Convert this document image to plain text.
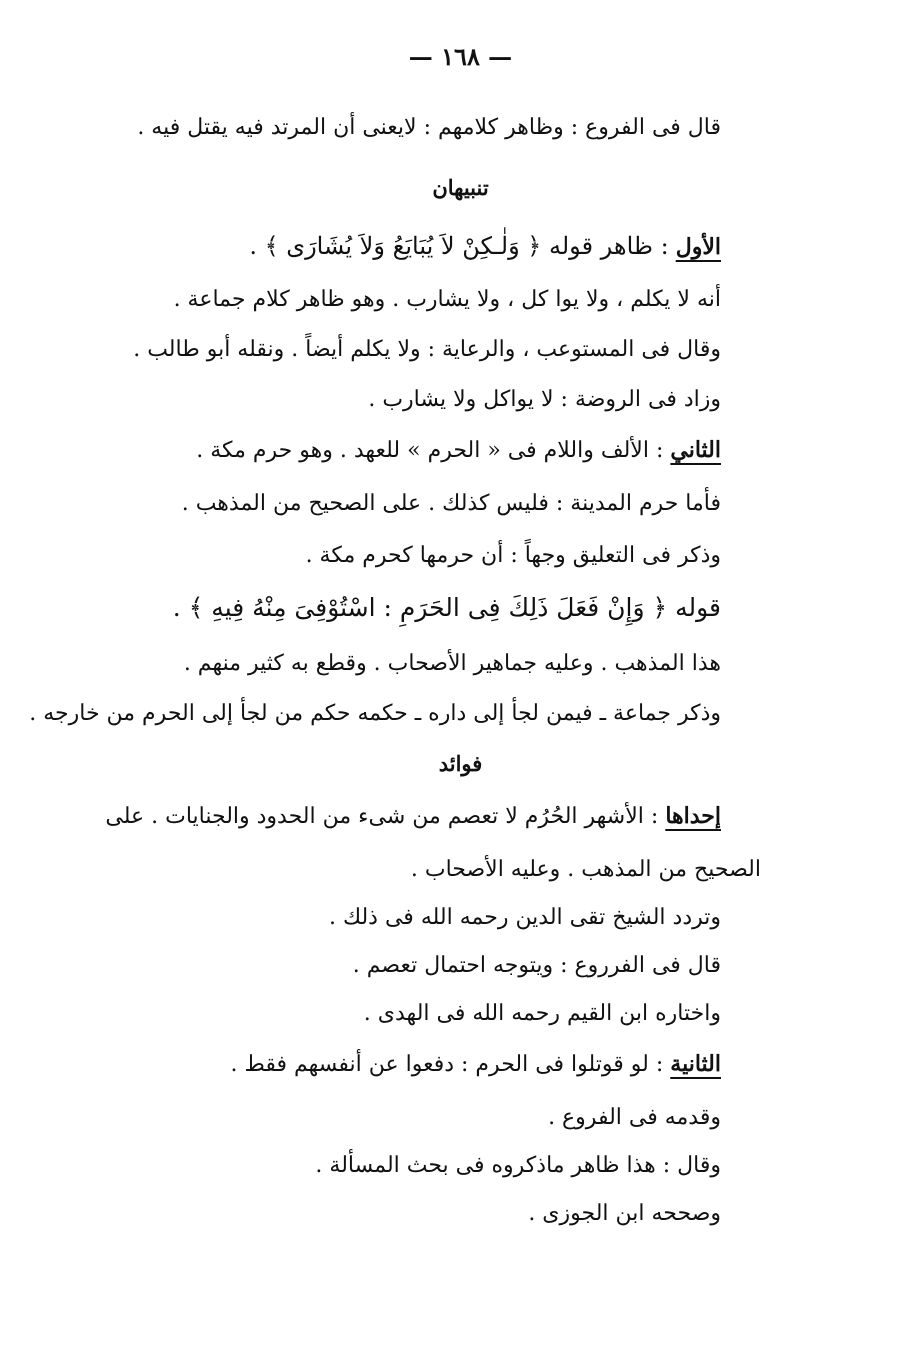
— ١٦٨ —
قال فى الفروع : وظاهر كلامهم : لايعنى أن المرتد فيه يقتل فيه .
تنبيهان
الأول : ظاهر قوله ﴿ وَلٰـكِنْ لاَ يُبَايَعُ وَلاَ يُشَارَى ﴾ .
أنه لا يكلم ، ولا يوا كل ، ولا يشارب . وهو ظاهر كلام جماعة .
وقال فى المستوعب ، والرعاية : ولا يكلم أيضاً . ونقله أبو طالب .
وزاد فى الروضة : لا يواكل ولا يشارب .
الثاني : الألف واللام فى « الحرم » للعهد . وهو حرم مكة .
فأما حرم المدينة : فليس كذلك . على الصحيح من المذهب .
وذكر فى التعليق وجهاً : أن حرمها كحرم مكة .
قوله ﴿ وَإِنْ فَعَلَ ذَلِكَ فِى الحَرَمِ : اسْتُوْفِىَ مِنْهُ فِيهِ ﴾ .
هذا المذهب . وعليه جماهير الأصحاب . وقطع به كثير منهم .
وذكر جماعة ـ فيمن لجأ إلى داره ـ حكمه حكم من لجأ إلى الحرم من خارجه .
فوائد
إحداها : الأشهر الحُرُم لا تعصم من شىء من الحدود والجنايات . على
الصحيح من المذهب . وعليه الأصحاب .
وتردد الشيخ تقى الدين رحمه الله فى ذلك .
قال فى الفرروع : ويتوجه احتمال تعصم .
واختاره ابن القيم رحمه الله فى الهدى .
الثانية : لو قوتلوا فى الحرم : دفعوا عن أنفسهم فقط .
وقدمه فى الفروع .
وقال : هذا ظاهر ماذكروه فى بحث المسألة .
وصححه ابن الجوزى .
